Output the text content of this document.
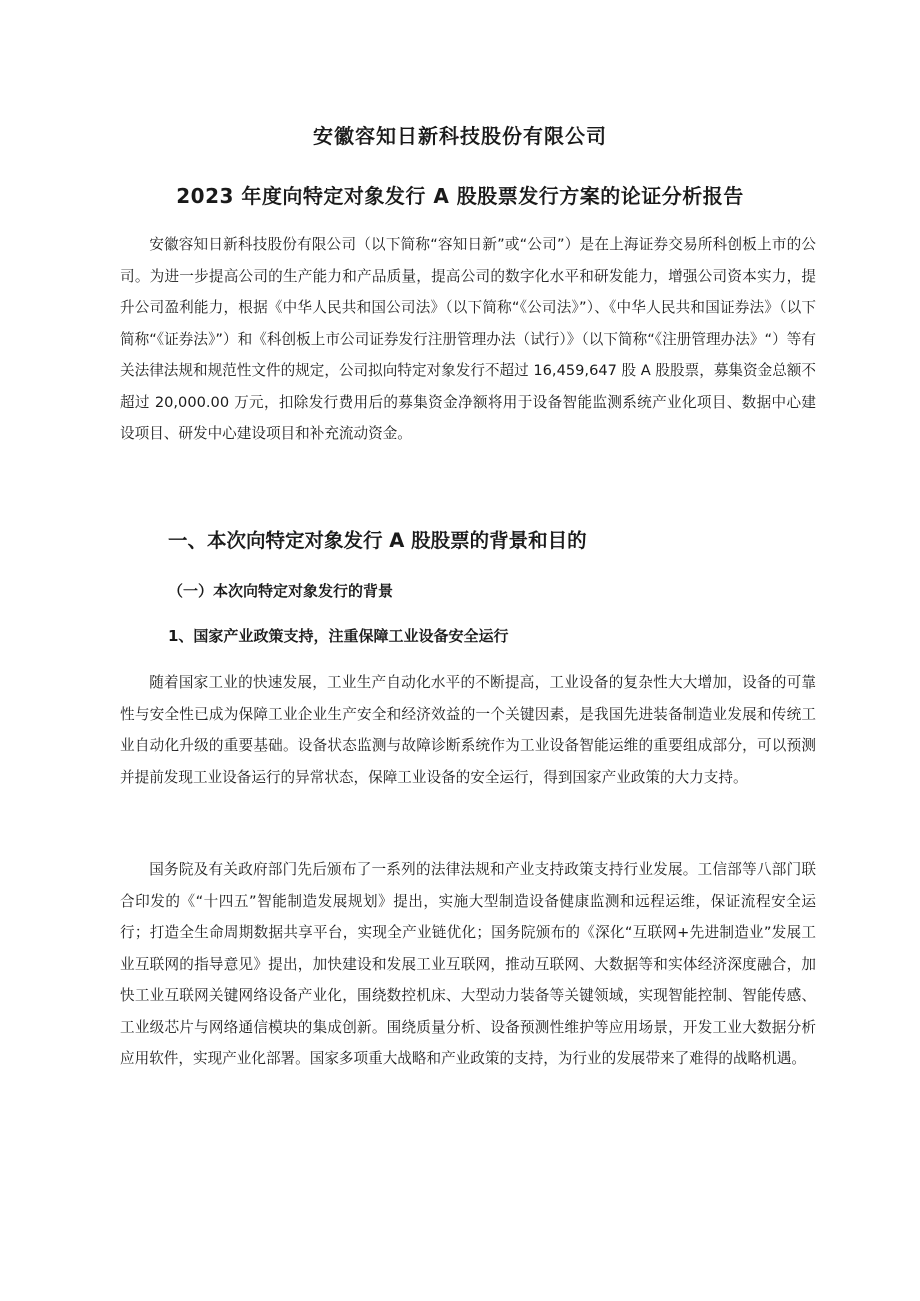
安徽容知日新科技股份有限公司
2023 年度向特定对象发行 A 股股票发行方案的论证分析报告

安徽容知日新科技股份有限公司（以下简称“容知日新”或“公司”）是在上海证券交易所科创板上市的公司。为进一步提高公司的生产能力和产品质量，提高公司的数字化水平和研发能力，增强公司资本实力，提升公司盈利能力，根据《中华人民共和国公司法》（以下简称“《公司法》”）、《中华人民共和国证券法》（以下简称“《证券法》”）和《科创板上市公司证券发行注册管理办法（试行）》（以下简称“《注册管理办法》“）等有关法律法规和规范性文件的规定，公司拟向特定对象发行不超过 16,459,647 股 A 股股票，募集资金总额不超过 20,000.00 万元，扣除发行费用后的募集资金净额将用于设备智能监测系统产业化项目、数据中心建设项目、研发中心建设项目和补充流动资金。

一、本次向特定对象发行 A 股股票的背景和目的
（一）本次向特定对象发行的背景
1、国家产业政策支持，注重保障工业设备安全运行

随着国家工业的快速发展，工业生产自动化水平的不断提高，工业设备的复杂性大大增加，设备的可靠性与安全性已成为保障工业企业生产安全和经济效益的一个关键因素，是我国先进装备制造业发展和传统工业自动化升级的重要基础。设备状态监测与故障诊断系统作为工业设备智能运维的重要组成部分，可以预测并提前发现工业设备运行的异常状态，保障工业设备的安全运行，得到国家产业政策的大力支持。

国务院及有关政府部门先后颁布了一系列的法律法规和产业支持政策支持行业发展。工信部等八部门联合印发的《“十四五”智能制造发展规划》提出，实施大型制造设备健康监测和远程运维，保证流程安全运行；打造全生命周期数据共享平台，实现全产业链优化；国务院颁布的《深化“互联网+先进制造业”发展工业互联网的指导意见》提出，加快建设和发展工业互联网，推动互联网、大数据等和实体经济深度融合，加快工业互联网关键网络设备产业化，围绕数控机床、大型动力装备等关键领域，实现智能控制、智能传感、工业级芯片与网络通信模块的集成创新。围绕质量分析、设备预测性维护等应用场景，开发工业大数据分析应用软件，实现产业化部署。国家多项重大战略和产业政策的支持，为行业的发展带来了难得的战略机遇。
